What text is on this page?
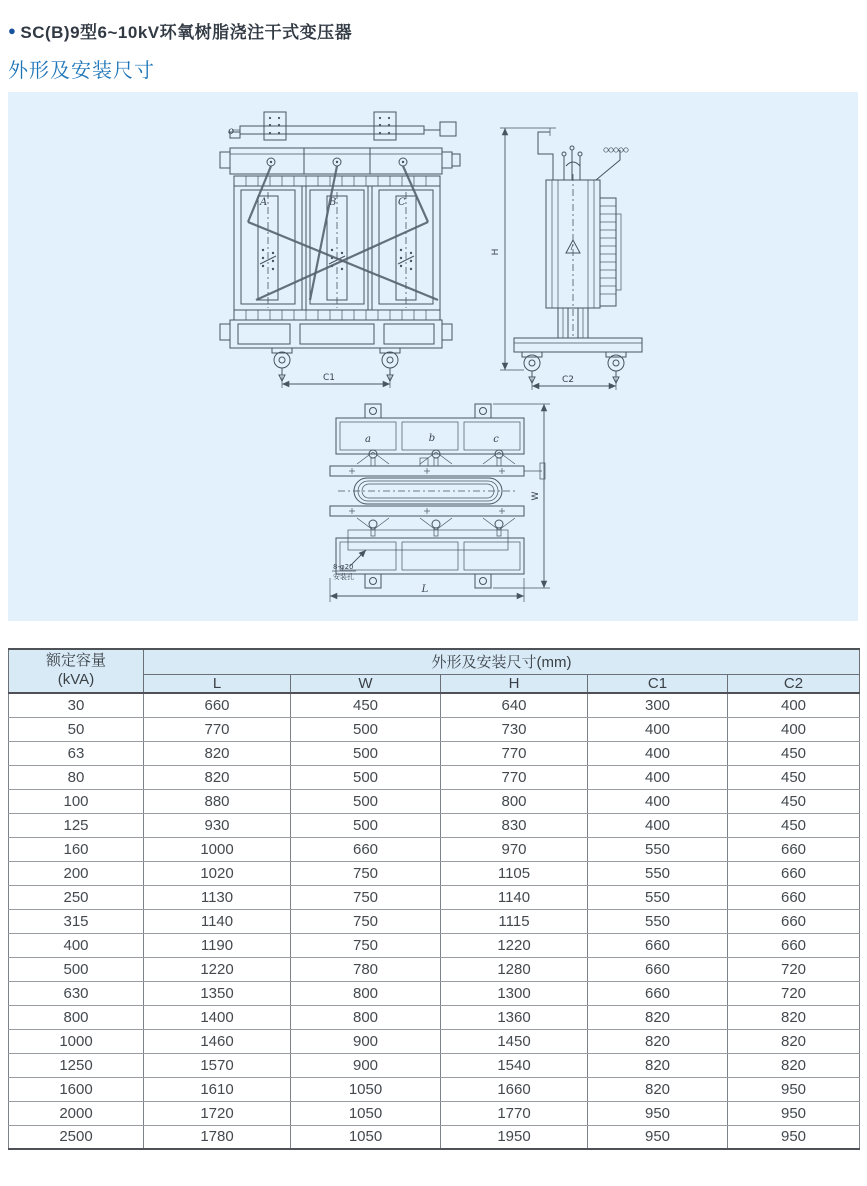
● SC(B)9型6~10kV环氧树脂浇注干式变压器
外形及安装尺寸
o
A	B	C
C1
H
C2
a	b	c
8-φ20
安装孔
W
L
额定容量
(kVA)	外形及安装尺寸(mm)				
	L	W	H	C1	C2
30	660	450	640	300	400
50	770	500	730	400	400
63	820	500	770	400	450
80	820	500	770	400	450
100	880	500	800	400	450
125	930	500	830	400	450
160	1000	660	970	550	660
200	1020	750	1105	550	660
250	1130	750	1140	550	660
315	1140	750	1115	550	660
400	1190	750	1220	660	660
500	1220	780	1280	660	720
630	1350	800	1300	660	720
800	1400	800	1360	820	820
1000	1460	900	1450	820	820
1250	1570	900	1540	820	820
1600	1610	1050	1660	820	950
2000	1720	1050	1770	950	950
2500	1780	1050	1950	950	950
